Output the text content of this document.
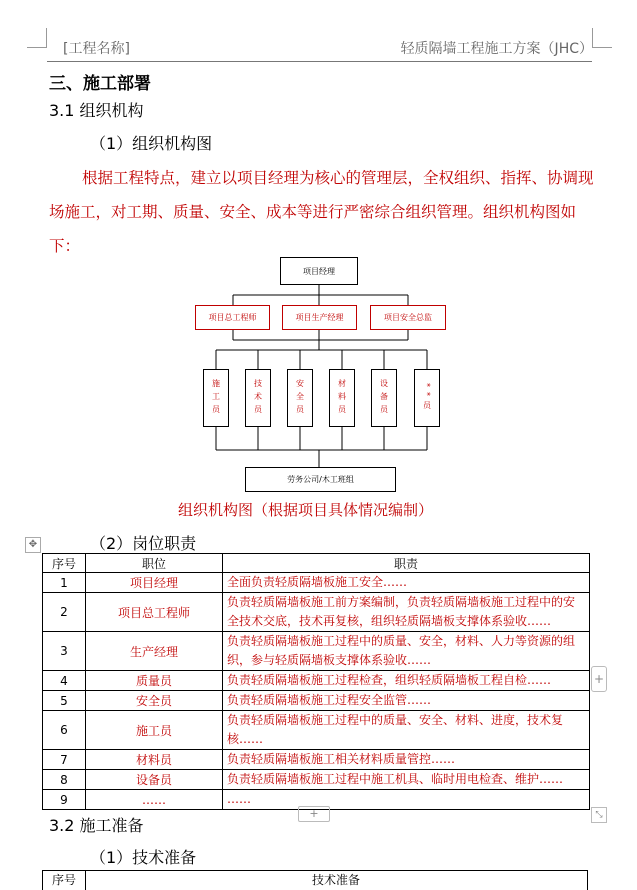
[工程名称]	轻质隔墙工程施工方案（JHC）
三、施工部署
3.1 组织机构
（1）组织机构图
根据工程特点，建立以项目经理为核心的管理层，全权组织、指挥、协调现场施工，对工期、质量、安全、成本等进行严密综合组织管理。组织机构图如下：
项目经理
项目总工程师	项目生产经理	项目安全总监
施工员	技术员	安全员	材料员	设备员	**员
劳务公司/木工班组
组织机构图（根据项目具体情况编制）
✥	（2）岗位职责
序号	职位	职责
1	项目经理	全面负责轻质隔墙板施工安全……
2	项目总工程师	负责轻质隔墙板施工前方案编制，负责轻质隔墙板施工过程中的安全技术交底，技术再复核，组织轻质隔墙板支撑体系验收……
3	生产经理	负责轻质隔墙板施工过程中的质量、安全，材料、人力等资源的组织，参与轻质隔墙板支撑体系验收……
4	质量员	负责轻质隔墙板施工过程检查，组织轻质隔墙板工程自检……
5	安全员	负责轻质隔墙板施工过程安全监管……
6	施工员	负责轻质隔墙板施工过程中的质量、安全、材料、进度，技术复核……
7	材料员	负责轻质隔墙板施工相关材料质量管控……
8	设备员	负责轻质隔墙板施工过程中施工机具、临时用电检查、维护……
9	……	……
+
+	⤡
3.2 施工准备
（1）技术准备
序号	技术准备
